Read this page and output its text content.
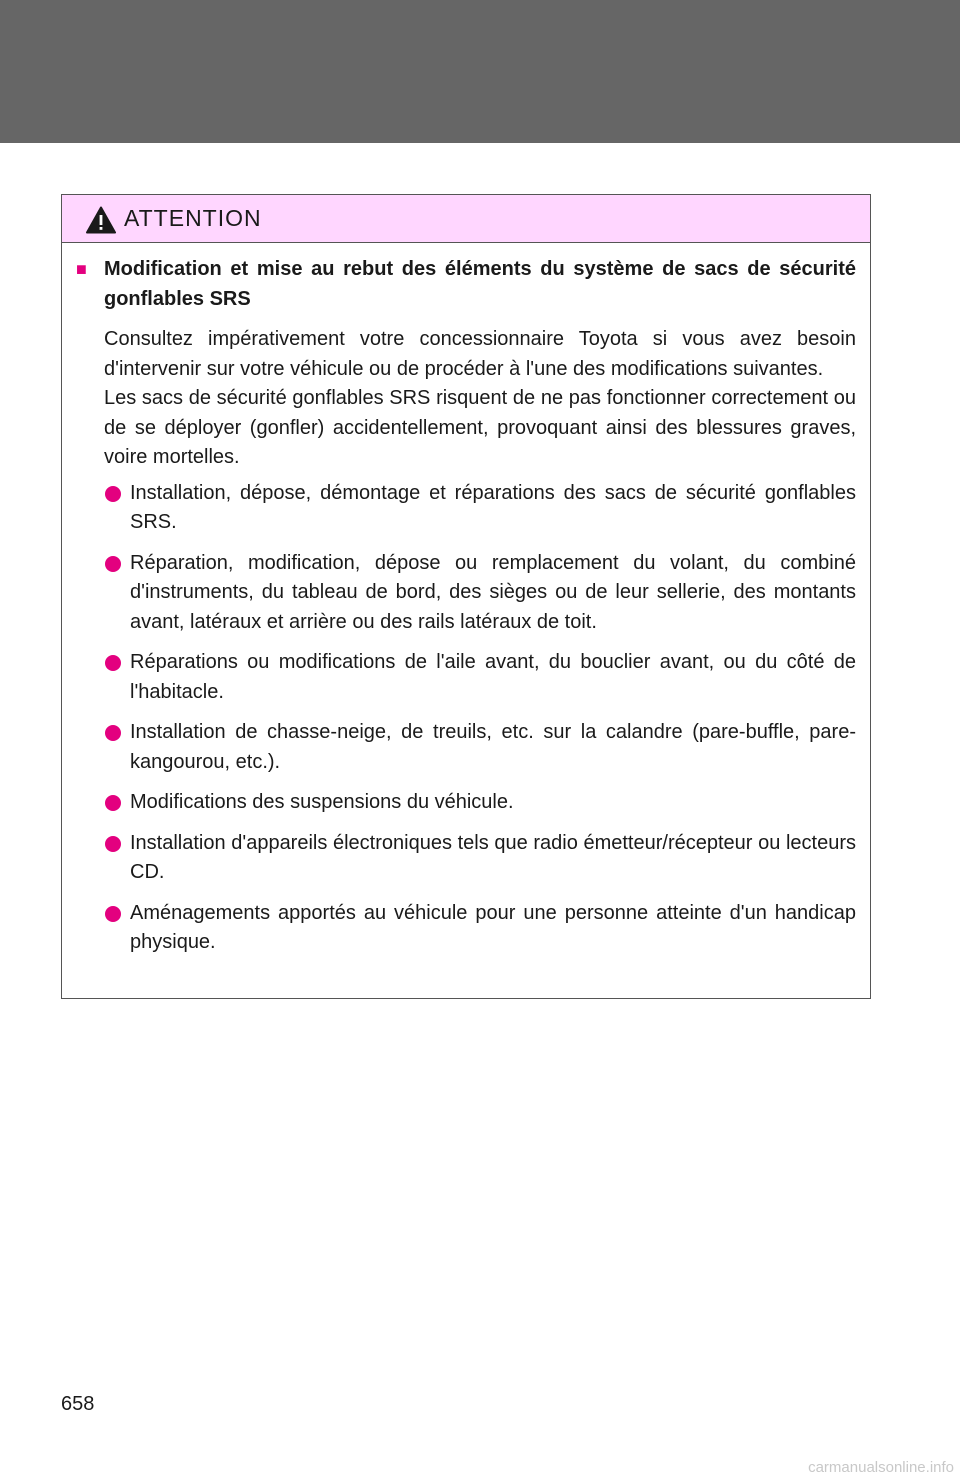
ATTENTION
■ Modification et mise au rebut des éléments du système de sacs de sécurité gonflables SRS

Consultez impérativement votre concessionnaire Toyota si vous avez besoin d'intervenir sur votre véhicule ou de procéder à l'une des modifications suivantes.

Les sacs de sécurité gonflables SRS risquent de ne pas fonctionner correctement ou de se déployer (gonfler) accidentellement, provoquant ainsi des blessures graves, voire mortelles.

Installation, dépose, démontage et réparations des sacs de sécurité gonflables SRS.
Réparation, modification, dépose ou remplacement du volant, du combiné d'instruments, du tableau de bord, des sièges ou de leur sellerie, des montants avant, latéraux et arrière ou des rails latéraux de toit.
Réparations ou modifications de l'aile avant, du bouclier avant, ou du côté de l'habitacle.
Installation de chasse-neige, de treuils, etc. sur la calandre (pare-buffle, pare-kangourou, etc.).
Modifications des suspensions du véhicule.
Installation d'appareils électroniques tels que radio émetteur/récepteur ou lecteurs CD.
Aménagements apportés au véhicule pour une personne atteinte d'un handicap physique.
658
carmanualsonline.info
